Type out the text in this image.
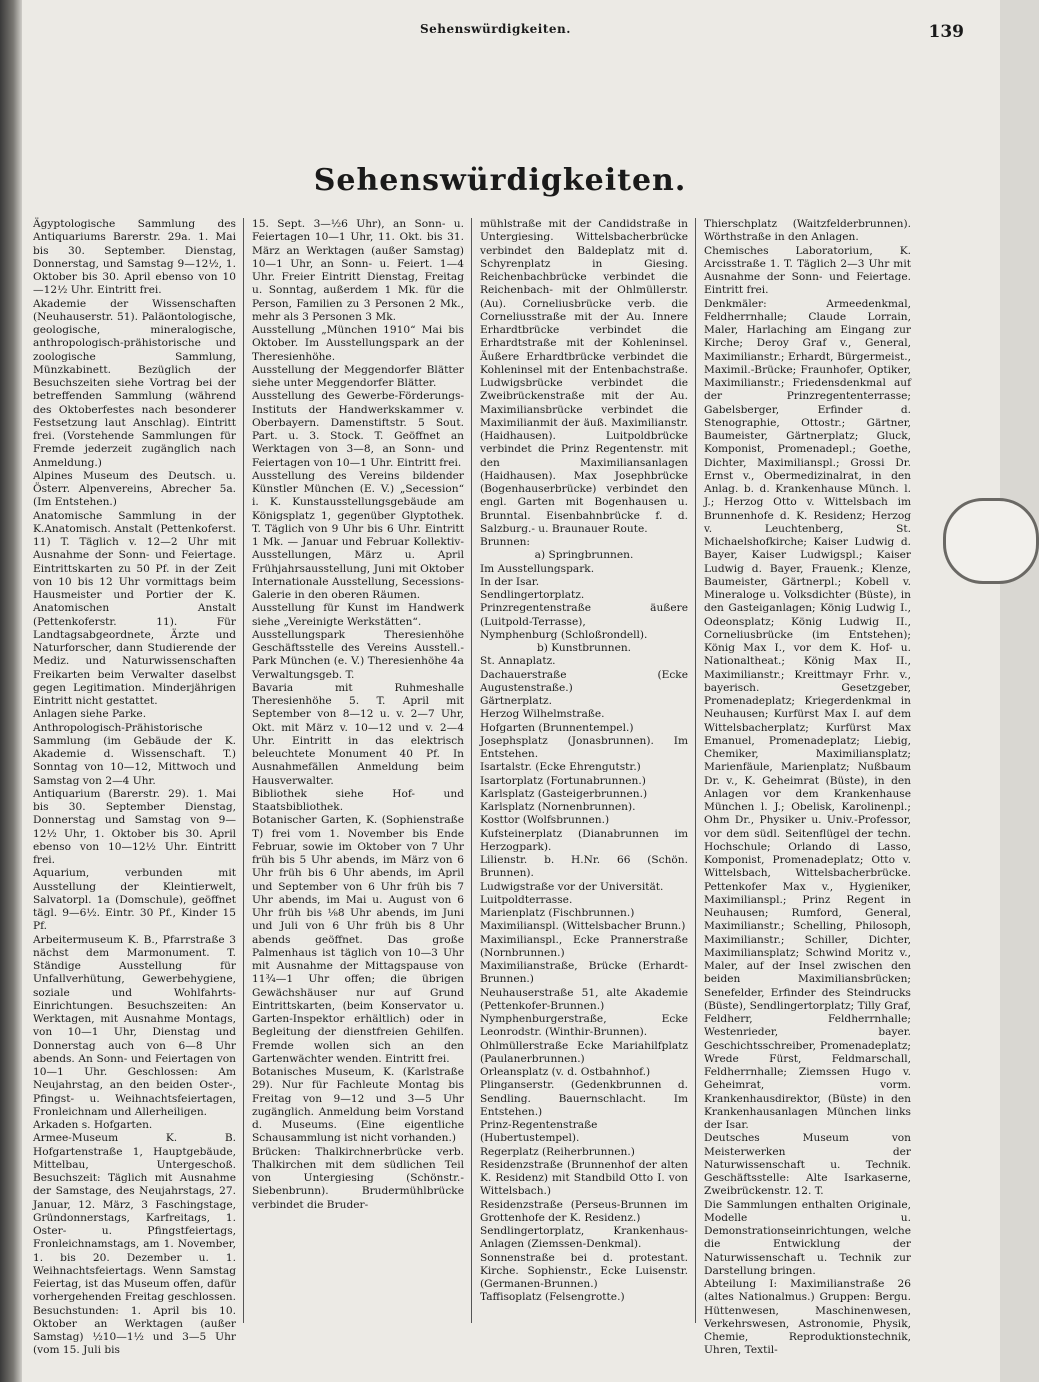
Sehenswürdigkeiten.	139
Sehenswürdigkeiten.

Ägyptologische Sammlung des Antiquariums Barerstr. 29a. 1. Mai bis 30. September. Dienstag, Donnerstag, und Samstag 9—12½, 1. Oktober bis 30. April ebenso von 10—12½ Uhr. Eintritt frei.

Akademie der Wissenschaften (Neuhauserstr. 51). Paläontologische, geologische, mineralogische, anthropologisch-prähistorische und zoologische Sammlung, Münzkabinett. Bezüglich der Besuchszeiten siehe Vortrag bei der betreffenden Sammlung (während des Oktoberfestes nach besonderer Festsetzung laut Anschlag). Eintritt frei. (Vorstehende Sammlungen für Fremde jederzeit zugänglich nach Anmeldung.)

Alpines Museum des Deutsch. u. Österr. Alpenvereins, Abrecher 5a. (Im Entstehen.)

Anatomische Sammlung in der K.Anatomisch. Anstalt (Pettenkoferst. 11) T. Täglich v. 12—2 Uhr mit Ausnahme der Sonn- und Feiertage. Eintrittskarten zu 50 Pf. in der Zeit von 10 bis 12 Uhr vormittags beim Hausmeister und Portier der K. Anatomischen Anstalt (Pettenkoferstr. 11). Für Landtagsabgeordnete, Ärzte und Naturforscher, dann Studierende der Mediz. und Naturwissenschaften Freikarten beim Verwalter daselbst gegen Legitimation. Minderjährigen Eintritt nicht gestattet.

Anlagen siehe Parke.

Anthropologisch-Prähistorische Sammlung (im Gebäude der K. Akademie d. Wissenschaft. T.) Sonntag von 10—12, Mittwoch und Samstag von 2—4 Uhr.

Antiquarium (Barerstr. 29). 1. Mai bis 30. September Dienstag, Donnerstag und Samstag von 9—12½ Uhr, 1. Oktober bis 30. April ebenso von 10—12½ Uhr. Eintritt frei.

Aquarium, verbunden mit Ausstellung der Kleintierwelt, Salvatorpl. 1a (Domschule), geöffnet tägl. 9—6½. Eintr. 30 Pf., Kinder 15 Pf.

Arbeitermuseum K. B., Pfarrstraße 3 nächst dem Marmonument. T. Ständige Ausstellung für Unfallverhütung, Gewerbehygiene, soziale und Wohlfahrts-Einrichtungen. Besuchszeiten: An Werktagen, mit Ausnahme Montags, von 10—1 Uhr, Dienstag und Donnerstag auch von 6—8 Uhr abends. An Sonn- und Feiertagen von 10—1 Uhr. Geschlossen: Am Neujahrstag, an den beiden Oster-, Pfingst- u. Weihnachtsfeiertagen, Fronleichnam und Allerheiligen.

Arkaden s. Hofgarten.

Armee-Museum K. B. Hofgartenstraße 1, Hauptgebäude, Mittelbau, Untergeschoß. Besuchszeit: Täglich mit Ausnahme der Samstage, des Neujahrstags, 27. Januar, 12. März, 3 Faschingstage, Gründonnerstags, Karfreitags, 1. Oster- u. Pfingstfeiertags, Fronleichnamstags, am 1. November, 1. bis 20. Dezember u. 1. Weihnachtsfeiertags. Wenn Samstag Feiertag, ist das Museum offen, dafür vorhergehenden Freitag geschlossen. Besuchstunden: 1. April bis 10. Oktober an Werktagen (außer Samstag) ½10—1½ und 3—5 Uhr (vom 15. Juli bis

15. Sept. 3—½6 Uhr), an Sonn- u. Feiertagen 10—1 Uhr, 11. Okt. bis 31. März an Werktagen (außer Samstag) 10—1 Uhr, an Sonn- u. Feiert. 1—4 Uhr. Freier Eintritt Dienstag, Freitag u. Sonntag, außerdem 1 Mk. für die Person, Familien zu 3 Personen 2 Mk., mehr als 3 Personen 3 Mk.

Ausstellung „München 1910“ Mai bis Oktober. Im Ausstellungspark an der Theresienhöhe.

Ausstellung der Meggendorfer Blätter siehe unter Meggendorfer Blätter.

Ausstellung des Gewerbe-Förderungs-Instituts der Handwerkskammer v. Oberbayern. Damenstiftstr. 5 Sout. Part. u. 3. Stock. T. Geöffnet an Werktagen von 3—8, an Sonn- und Feiertagen von 10—1 Uhr. Eintritt frei.

Ausstellung des Vereins bildender Künstler München (E. V.) „Secession“ i. K. Kunstausstellungsgebäude am Königsplatz 1, gegenüber Glyptothek. T. Täglich von 9 Uhr bis 6 Uhr. Eintritt 1 Mk. — Januar und Februar Kollektiv-Ausstellungen, März u. April Frühjahrsausstellung, Juni mit Oktober Internationale Ausstellung, Secessions-Galerie in den oberen Räumen.

Ausstellung für Kunst im Handwerk siehe „Vereinigte Werkstätten“.

Ausstellungspark Theresienhöhe Geschäftsstelle des Vereins Ausstell.-Park München (e. V.) Theresienhöhe 4a Verwaltungsgeb. T.

Bavaria mit Ruhmeshalle Theresienhöhe 5. T. April mit September von 8—12 u. v. 2—7 Uhr, Okt. mit März v. 10—12 und v. 2—4 Uhr. Eintritt in das elektrisch beleuchtete Monument 40 Pf. In Ausnahmefällen Anmeldung beim Hausverwalter.

Bibliothek siehe Hof- und Staatsbibliothek.

Botanischer Garten, K. (Sophienstraße T) frei vom 1. November bis Ende Februar, sowie im Oktober von 7 Uhr früh bis 5 Uhr abends, im März von 6 Uhr früh bis 6 Uhr abends, im April und September von 6 Uhr früh bis 7 Uhr abends, im Mai u. August von 6 Uhr früh bis ⅛8 Uhr abends, im Juni und Juli von 6 Uhr früh bis 8 Uhr abends geöffnet. Das große Palmenhaus ist täglich von 10—3 Uhr mit Ausnahme der Mittagspause von 11¾—1 Uhr offen; die übrigen Gewächshäuser nur auf Grund Eintrittskarten, (beim Konservator u. Garten-Inspektor erhältlich) oder in Begleitung der dienstfreien Gehilfen. Fremde wollen sich an den Gartenwächter wenden. Eintritt frei.

Botanisches Museum, K. (Karlstraße 29). Nur für Fachleute Montag bis Freitag von 9—12 und 3—5 Uhr zugänglich. Anmeldung beim Vorstand d. Museums. (Eine eigentliche Schausammlung ist nicht vorhanden.)

Brücken: Thalkirchnerbrücke verb. Thalkirchen mit dem südlichen Teil von Untergiesing (Schönstr.-Siebenbrunn). Brudermühlbrücke verbindet die Bruder-

mühlstraße mit der Candidstraße in Untergiesing. Wittelsbacherbrücke verbindet den Baldeplatz mit d. Schyrenplatz in Giesing. Reichenbachbrücke verbindet die Reichenbach- mit der Ohlmüllerstr. (Au). Corneliusbrücke verb. die Corneliusstraße mit der Au. Innere Erhardtbrücke verbindet die Erhardtstraße mit der Kohleninsel. Äußere Erhardtbrücke verbindet die Kohleninsel mit der Entenbachstraße. Ludwigsbrücke verbindet die Zweibrückenstraße mit der Au. Maximiliansbrücke verbindet die Maximilianmit der äuß. Maximilianstr. (Haidhausen). Luitpoldbrücke verbindet die Prinz Regentenstr. mit den Maximiliansanlagen (Haidhausen). Max Josephbrücke (Bogenhauserbrücke) verbindet den engl. Garten mit Bogenhausen u. Brunntal. Eisenbahnbrücke f. d. Salzburg.- u. Braunauer Route.

Brunnen:

a) Springbrunnen.

Im Ausstellungspark.

In der Isar.

Sendlingertorplatz.

Prinzregentenstraße äußere (Luitpold-Terrasse),

Nymphenburg (Schloßrondell).

b) Kunstbrunnen.

St. Annaplatz.

Dachauerstraße (Ecke Augustenstraße.)

Gärtnerplatz.

Herzog Wilhelmstraße.

Hofgarten (Brunnentempel.)

Josephsplatz (Jonasbrunnen). Im Entstehen.

Isartalstr. (Ecke Ehrengutstr.)

Isartorplatz (Fortunabrunnen.)

Karlsplatz (Gasteigerbrunnen.)

Karlsplatz (Nornenbrunnen).

Kosttor (Wolfsbrunnen.)

Kufsteinerplatz (Dianabrunnen im Herzogpark).

Lilienstr. b. H.Nr. 66 (Schön. Brunnen).

Ludwigstraße vor der Universität.

Luitpoldterrasse.

Marienplatz (Fischbrunnen.)

Maximilianspl. (Wittelsbacher Brunn.)

Maximilianspl., Ecke Prannerstraße (Nornbrunnen.)

Maximilianstraße, Brücke (Erhardt-Brunnen.)

Neuhauserstraße 51, alte Akademie (Pettenkofer-Brunnen.)

Nymphenburgerstraße, Ecke Leonrodstr. (Winthir-Brunnen).

Ohlmüllerstraße Ecke Mariahilfplatz (Paulanerbrunnen.)

Orleansplatz (v. d. Ostbahnhof.)

Plinganserstr. (Gedenkbrunnen d. Sendling. Bauernschlacht. Im Entstehen.)

Prinz-Regentenstraße (Hubertustempel).

Regerplatz (Reiherbrunnen.)

Residenzstraße (Brunnenhof der alten K. Residenz) mit Standbild Otto I. von Wittelsbach.)

Residenzstraße (Perseus-Brunnen im Grottenhofe der K. Residenz.)

Sendlingertorplatz, Krankenhaus-Anlagen (Ziemssen-Denkmal).

Sonnenstraße bei d. protestant. Kirche. Sophienstr., Ecke Luisenstr. (Germanen-Brunnen.)

Taffisoplatz (Felsengrotte.)

Thierschplatz (Waitzfelderbrunnen). Wörthstraße in den Anlagen.

Chemisches Laboratorium, K. Arcisstraße 1. T. Täglich 2—3 Uhr mit Ausnahme der Sonn- und Feiertage. Eintritt frei.

Denkmäler: Armeedenkmal, Feldherrnhalle; Claude Lorrain, Maler, Harlaching am Eingang zur Kirche; Deroy Graf v., General, Maximilianstr.; Erhardt, Bürgermeist., Maximil.-Brücke; Fraunhofer, Optiker, Maximilianstr.; Friedensdenkmal auf der Prinzregententerrasse; Gabelsberger, Erfinder d. Stenographie, Ottostr.; Gärtner, Baumeister, Gärtnerplatz; Gluck, Komponist, Promenadepl.; Goethe, Dichter, Maximilianspl.; Grossi Dr. Ernst v., Obermedizinalrat, in den Anlag. b. d. Krankenhause Münch. l. J.; Herzog Otto v. Wittelsbach im Brunnenhofe d. K. Residenz; Herzog v. Leuchtenberg, St. Michaelshofkirche; Kaiser Ludwig d. Bayer, Kaiser Ludwigspl.; Kaiser Ludwig d. Bayer, Frauenk.; Klenze, Baumeister, Gärtnerpl.; Kobell v. Mineraloge u. Volksdichter (Büste), in den Gasteiganlagen; König Ludwig I., Odeonsplatz; König Ludwig II., Corneliusbrücke (im Entstehen); König Max I., vor dem K. Hof- u. Nationaltheat.; König Max II., Maximilianstr.; Kreittmayr Frhr. v., bayerisch. Gesetzgeber, Promenadeplatz; Kriegerdenkmal in Neuhausen; Kurfürst Max I. auf dem Wittelsbacherplatz; Kurfürst Max Emanuel, Promenadeplatz; Liebig, Chemiker, Maximiliansplatz; Marienfäule, Marienplatz; Nußbaum Dr. v., K. Geheimrat (Büste), in den Anlagen vor dem Krankenhause München l. J.; Obelisk, Karolinenpl.; Ohm Dr., Physiker u. Univ.-Professor, vor dem südl. Seitenflügel der techn. Hochschule; Orlando di Lasso, Komponist, Promenadeplatz; Otto v. Wittelsbach, Wittelsbacherbrücke. Pettenkofer Max v., Hygieniker, Maximilianspl.; Prinz Regent in Neuhausen; Rumford, General, Maximilianstr.; Schelling, Philosoph, Maximilianstr.; Schiller, Dichter, Maximiliansplatz; Schwind Moritz v., Maler, auf der Insel zwischen den beiden Maximiliansbrücken; Senefelder, Erfinder des Steindrucks (Büste), Sendlingertorplatz; Tilly Graf, Feldherr, Feldherrnhalle; Westenrieder, bayer. Geschichtsschreiber, Promenadeplatz; Wrede Fürst, Feldmarschall, Feldherrnhalle; Ziemssen Hugo v. Geheimrat, vorm. Krankenhausdirektor, (Büste) in den Krankenhausanlagen München links der Isar.

Deutsches Museum von Meisterwerken der Naturwissenschaft u. Technik. Geschäftsstelle: Alte Isarkaserne, Zweibrückenstr. 12. T.

Die Sammlungen enthalten Originale, Modelle u. Demonstrationseinrichtungen, welche die Entwicklung der Naturwissenschaft u. Technik zur Darstellung bringen.

Abteilung I: Maximilianstraße 26 (altes Nationalmus.) Gruppen: Bergu. Hüttenwesen, Maschinenwesen, Verkehrswesen, Astronomie, Physik, Chemie, Reproduktionstechnik, Uhren, Textil-
